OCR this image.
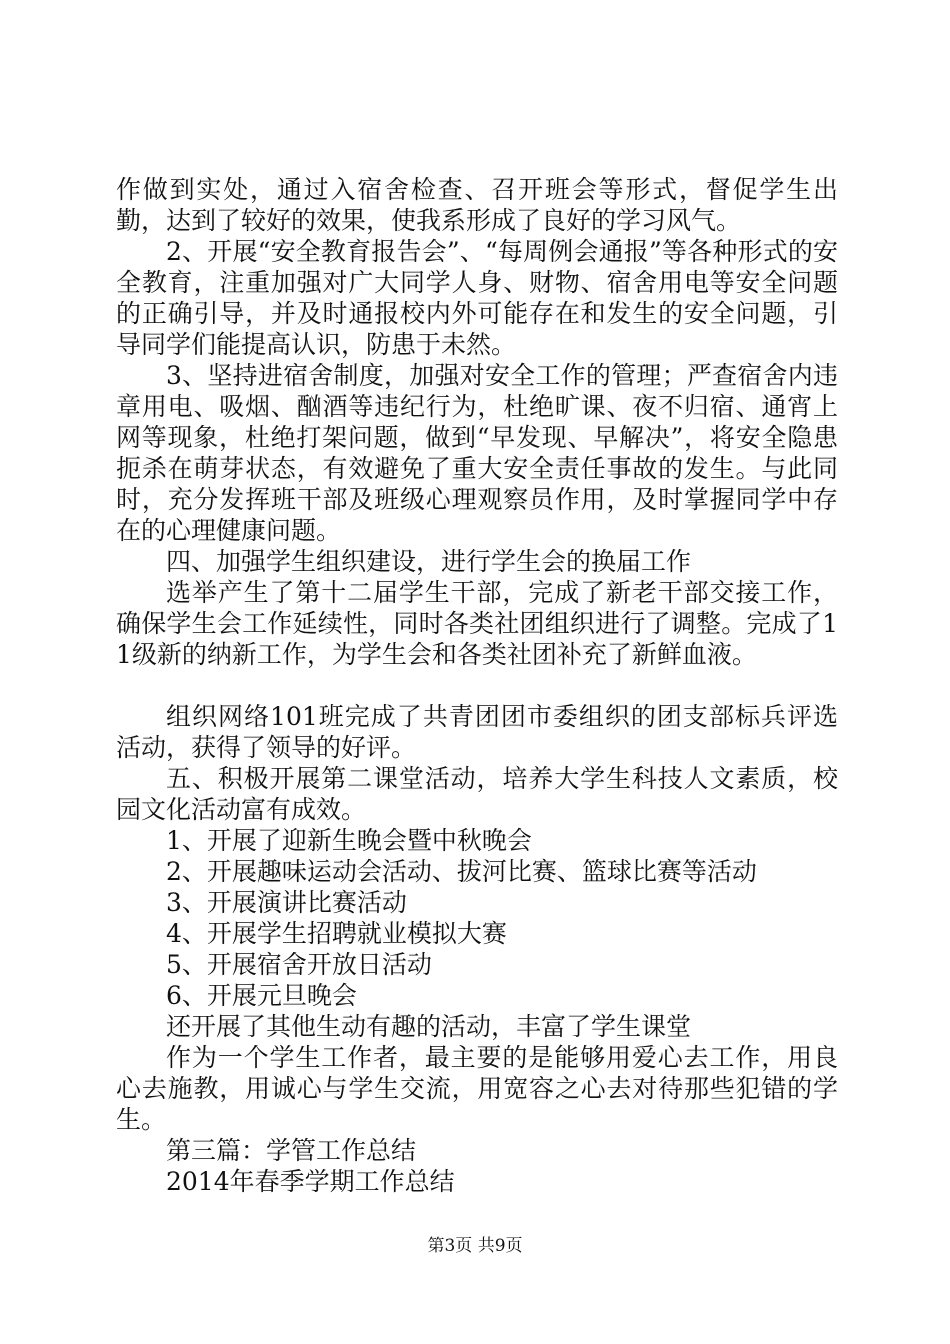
作做到实处，通过入宿舍检查、召开班会等形式，督促学生出勤，达到了较好的效果，使我系形成了良好的学习风气。

2、开展“安全教育报告会”、“每周例会通报”等各种形式的安全教育，注重加强对广大同学人身、财物、宿舍用电等安全问题的正确引导，并及时通报校内外可能存在和发生的安全问题，引导同学们能提高认识，防患于未然。

3、坚持进宿舍制度，加强对安全工作的管理；严查宿舍内违章用电、吸烟、酗酒等违纪行为，杜绝旷课、夜不归宿、通宵上网等现象，杜绝打架问题，做到“早发现、早解决”，将安全隐患扼杀在萌芽状态，有效避免了重大安全责任事故的发生。与此同时，充分发挥班干部及班级心理观察员作用，及时掌握同学中存在的心理健康问题。

四、加强学生组织建设，进行学生会的换届工作

选举产生了第十二届学生干部，完成了新老干部交接工作，确保学生会工作延续性，同时各类社团组织进行了调整。完成了11级新的纳新工作，为学生会和各类社团补充了新鲜血液。

组织网络101班完成了共青团团市委组织的团支部标兵评选活动，获得了领导的好评。

五、积极开展第二课堂活动，培养大学生科技人文素质，校园文化活动富有成效。

1、开展了迎新生晚会暨中秋晚会

2、开展趣味运动会活动、拔河比赛、篮球比赛等活动

3、开展演讲比赛活动

4、开展学生招聘就业模拟大赛

5、开展宿舍开放日活动

6、开展元旦晚会

还开展了其他生动有趣的活动，丰富了学生课堂

作为一个学生工作者，最主要的是能够用爱心去工作，用良心去施教，用诚心与学生交流，用宽容之心去对待那些犯错的学生。

第三篇：学管工作总结

2014年春季学期工作总结

第3页 共9页
